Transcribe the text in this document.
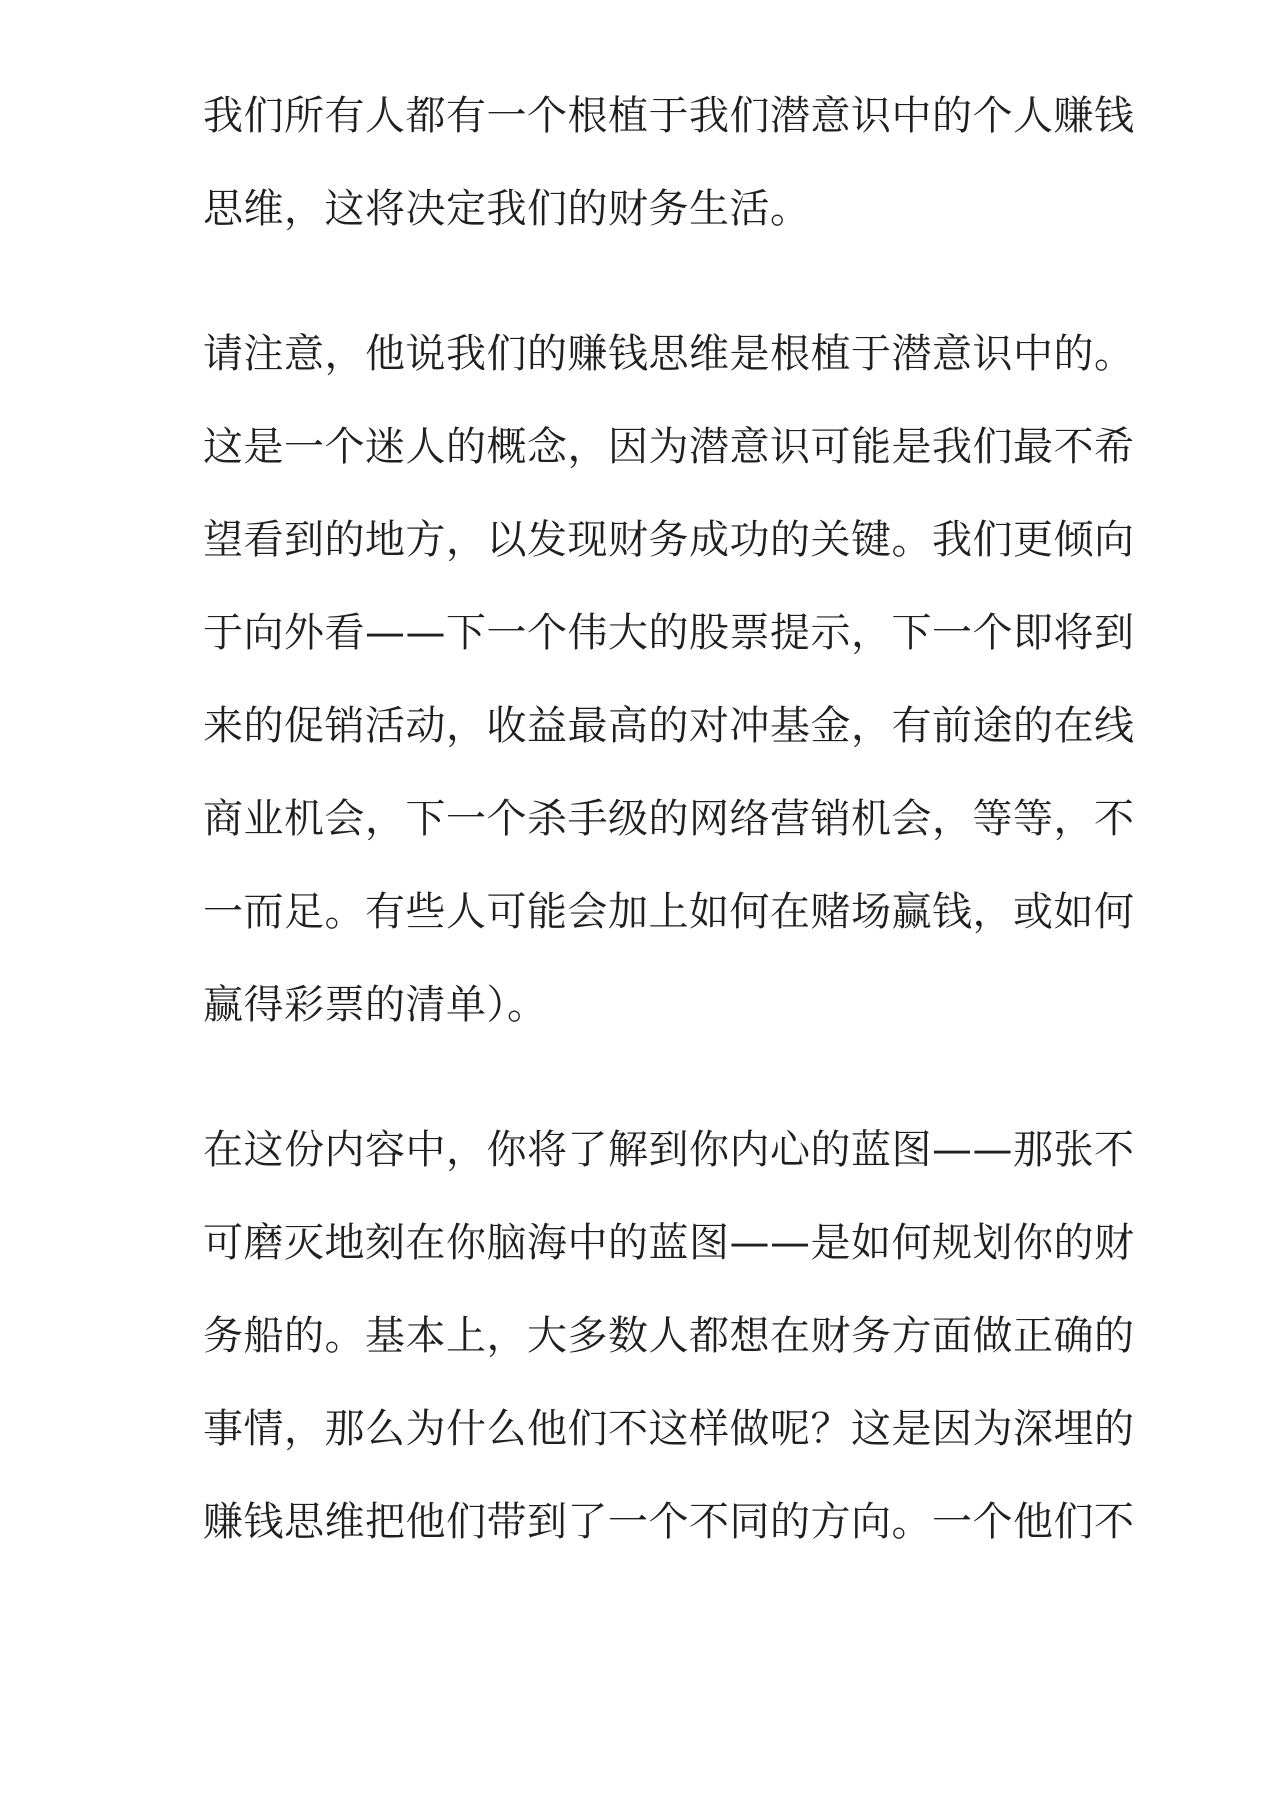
我们所有人都有一个根植于我们潜意识中的个人赚钱
思维，这将决定我们的财务生活。
请注意，他说我们的赚钱思维是根植于潜意识中的。
这是一个迷人的概念，因为潜意识可能是我们最不希
望看到的地方，以发现财务成功的关键。我们更倾向
于向外看——下一个伟大的股票提示，下一个即将到
来的促销活动，收益最高的对冲基金，有前途的在线
商业机会，下一个杀手级的网络营销机会，等等，不
一而足。有些人可能会加上如何在赌场赢钱，或如何
赢得彩票的清单）。
在这份内容中，你将了解到你内心的蓝图——那张不
可磨灭地刻在你脑海中的蓝图——是如何规划你的财
务船的。基本上，大多数人都想在财务方面做正确的
事情，那么为什么他们不这样做呢？这是因为深埋的
赚钱思维把他们带到了一个不同的方向。一个他们不
